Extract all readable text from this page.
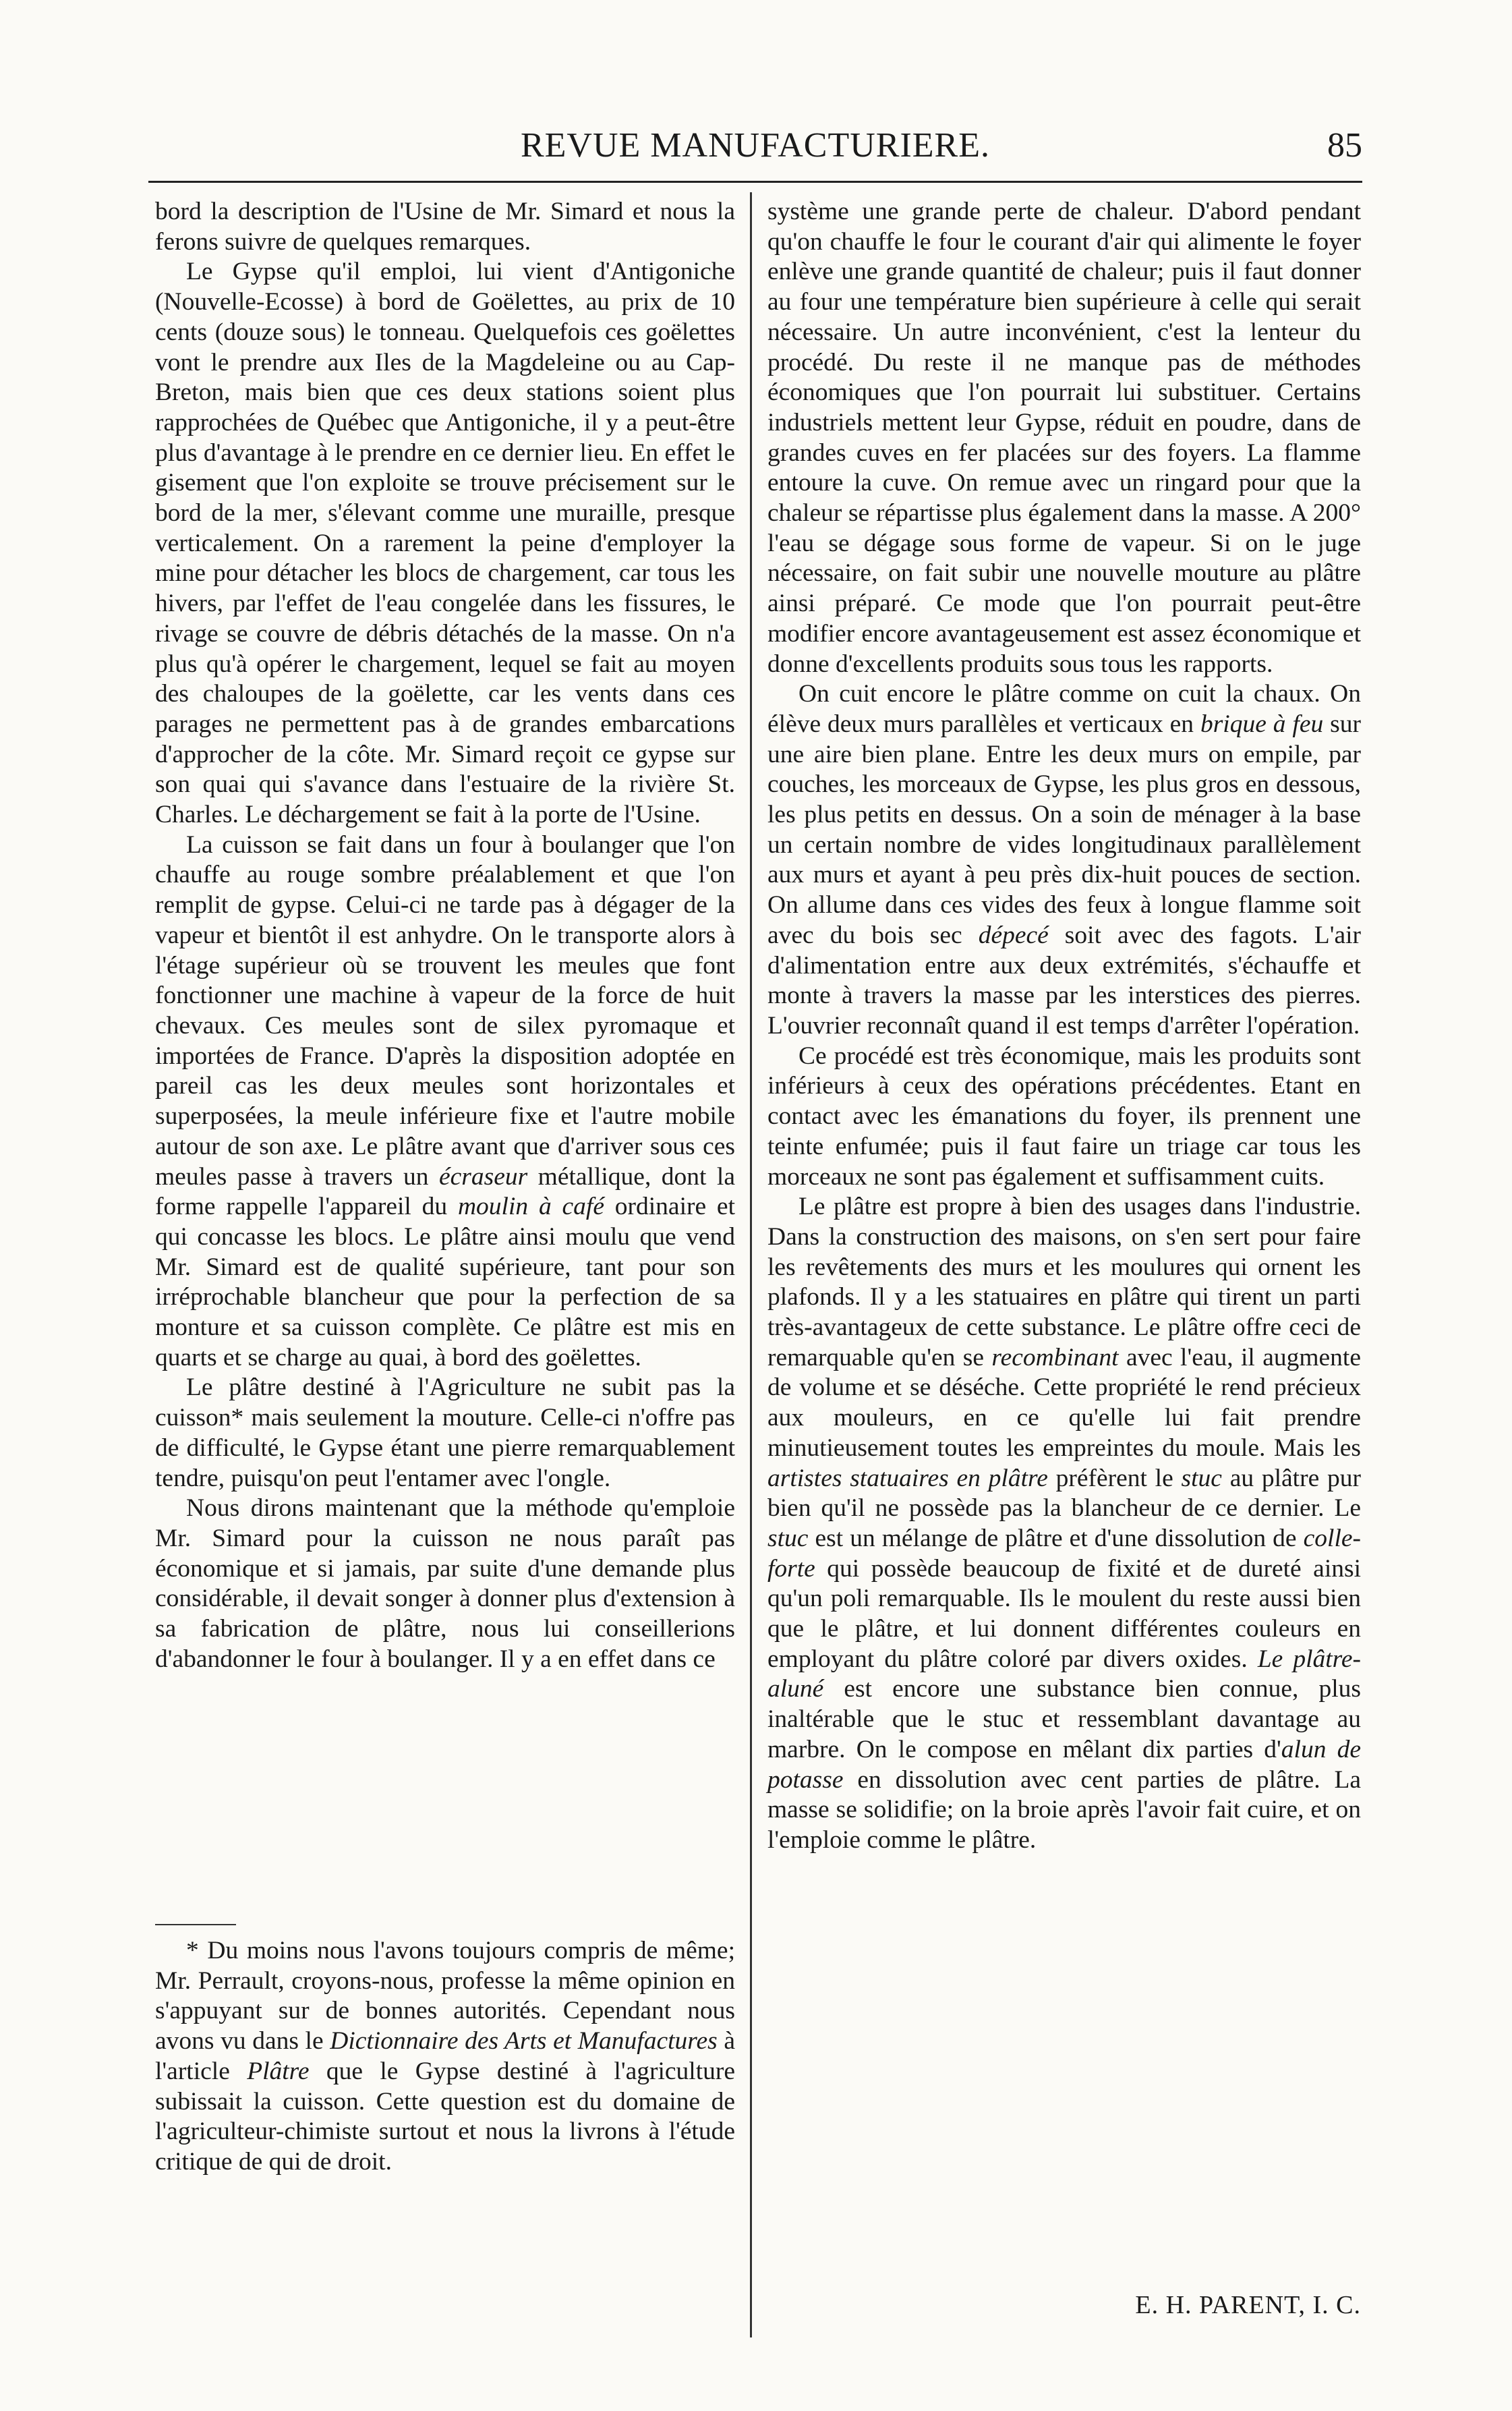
REVUE MANUFACTURIERE.	85

bord la description de l'Usine de Mr. Simard et nous la ferons suivre de quelques remarques.

Le Gypse qu'il emploi, lui vient d'Antigoniche (Nouvelle-Ecosse) à bord de Goëlettes, au prix de 10 cents (douze sous) le tonneau. Quelquefois ces goëlettes vont le prendre aux Iles de la Magdeleine ou au Cap-Breton, mais bien que ces deux stations soient plus rapprochées de Québec que Antigoniche, il y a peut-être plus d'avantage à le prendre en ce dernier lieu. En effet le gisement que l'on exploite se trouve précisement sur le bord de la mer, s'élevant comme une muraille, presque verticalement. On a rarement la peine d'employer la mine pour détacher les blocs de chargement, car tous les hivers, par l'effet de l'eau congelée dans les fissures, le rivage se couvre de débris détachés de la masse. On n'a plus qu'à opérer le chargement, lequel se fait au moyen des chaloupes de la goëlette, car les vents dans ces parages ne permettent pas à de grandes embarcations d'approcher de la côte. Mr. Simard reçoit ce gypse sur son quai qui s'avance dans l'estuaire de la rivière St. Charles. Le déchargement se fait à la porte de l'Usine.

La cuisson se fait dans un four à boulanger que l'on chauffe au rouge sombre préalablement et que l'on remplit de gypse. Celui-ci ne tarde pas à dégager de la vapeur et bientôt il est anhydre. On le transporte alors à l'étage supérieur où se trouvent les meules que font fonctionner une machine à vapeur de la force de huit chevaux. Ces meules sont de silex pyromaque et importées de France. D'après la disposition adoptée en pareil cas les deux meules sont horizontales et superposées, la meule inférieure fixe et l'autre mobile autour de son axe. Le plâtre avant que d'arriver sous ces meules passe à travers un écraseur métallique, dont la forme rappelle l'appareil du moulin à café ordinaire et qui concasse les blocs. Le plâtre ainsi moulu que vend Mr. Simard est de qualité supérieure, tant pour son irréprochable blancheur que pour la perfection de sa monture et sa cuisson complète. Ce plâtre est mis en quarts et se charge au quai, à bord des goëlettes.

Le plâtre destiné à l'Agriculture ne subit pas la cuisson* mais seulement la mouture. Celle-ci n'offre pas de difficulté, le Gypse étant une pierre remarquablement tendre, puisqu'on peut l'entamer avec l'ongle.

Nous dirons maintenant que la méthode qu'emploie Mr. Simard pour la cuisson ne nous paraît pas économique et si jamais, par suite d'une demande plus considérable, il devait songer à donner plus d'extension à sa fabrication de plâtre, nous lui conseillerions d'abandonner le four à boulanger. Il y a en effet dans ce

* Du moins nous l'avons toujours compris de même; Mr. Perrault, croyons-nous, professe la même opinion en s'appuyant sur de bonnes autorités. Cependant nous avons vu dans le Dictionnaire des Arts et Manufactures à l'article Plâtre que le Gypse destiné à l'agriculture subissait la cuisson. Cette question est du domaine de l'agriculteur-chimiste surtout et nous la livrons à l'étude critique de qui de droit.

système une grande perte de chaleur. D'abord pendant qu'on chauffe le four le courant d'air qui alimente le foyer enlève une grande quantité de chaleur; puis il faut donner au four une température bien supérieure à celle qui serait nécessaire. Un autre inconvénient, c'est la lenteur du procédé. Du reste il ne manque pas de méthodes économiques que l'on pourrait lui substituer. Certains industriels mettent leur Gypse, réduit en poudre, dans de grandes cuves en fer placées sur des foyers. La flamme entoure la cuve. On remue avec un ringard pour que la chaleur se répartisse plus également dans la masse. A 200° l'eau se dégage sous forme de vapeur. Si on le juge nécessaire, on fait subir une nouvelle mouture au plâtre ainsi préparé. Ce mode que l'on pourrait peut-être modifier encore avantageusement est assez économique et donne d'excellents produits sous tous les rapports.

On cuit encore le plâtre comme on cuit la chaux. On élève deux murs parallèles et verticaux en brique à feu sur une aire bien plane. Entre les deux murs on empile, par couches, les morceaux de Gypse, les plus gros en dessous, les plus petits en dessus. On a soin de ménager à la base un certain nombre de vides longitudinaux parallèlement aux murs et ayant à peu près dix-huit pouces de section. On allume dans ces vides des feux à longue flamme soit avec du bois sec dépecé soit avec des fagots. L'air d'alimentation entre aux deux extrémités, s'échauffe et monte à travers la masse par les interstices des pierres. L'ouvrier reconnaît quand il est temps d'arrêter l'opération.

Ce procédé est très économique, mais les produits sont inférieurs à ceux des opérations précédentes. Etant en contact avec les émanations du foyer, ils prennent une teinte enfumée; puis il faut faire un triage car tous les morceaux ne sont pas également et suffisamment cuits.

Le plâtre est propre à bien des usages dans l'industrie. Dans la construction des maisons, on s'en sert pour faire les revêtements des murs et les moulures qui ornent les plafonds. Il y a les statuaires en plâtre qui tirent un parti très-avantageux de cette substance. Le plâtre offre ceci de remarquable qu'en se recombinant avec l'eau, il augmente de volume et se déséche. Cette propriété le rend précieux aux mouleurs, en ce qu'elle lui fait prendre minutieusement toutes les empreintes du moule. Mais les artistes statuaires en plâtre préfèrent le stuc au plâtre pur bien qu'il ne possède pas la blancheur de ce dernier. Le stuc est un mélange de plâtre et d'une dissolution de colle-forte qui possède beaucoup de fixité et de dureté ainsi qu'un poli remarquable. Ils le moulent du reste aussi bien que le plâtre, et lui donnent différentes couleurs en employant du plâtre coloré par divers oxides. Le plâtre-aluné est encore une substance bien connue, plus inaltérable que le stuc et ressemblant davantage au marbre. On le compose en mêlant dix parties d'alun de potasse en dissolution avec cent parties de plâtre. La masse se solidifie; on la broie après l'avoir fait cuire, et on l'emploie comme le plâtre.

E. H. PARENT, I. C.
